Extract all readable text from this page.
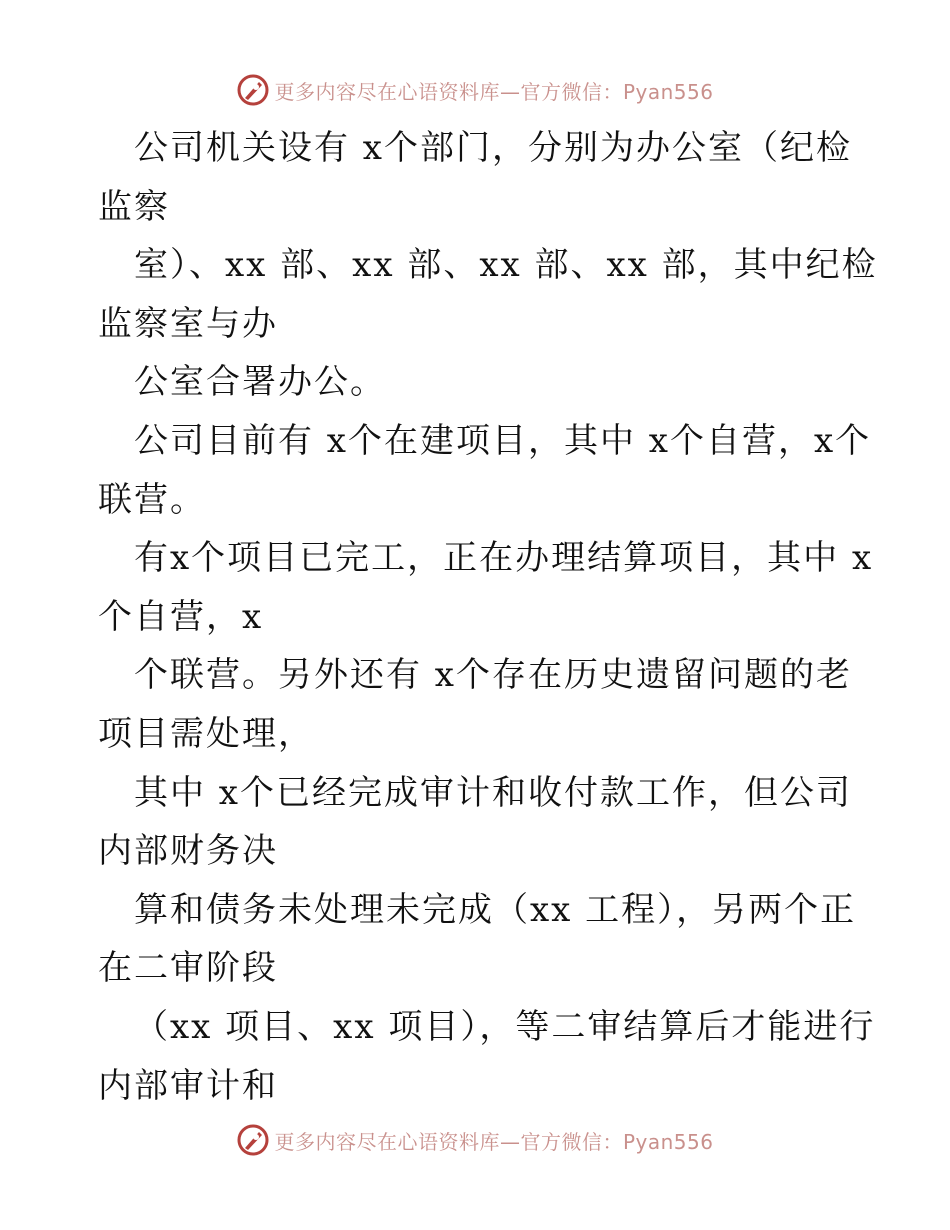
更多内容尽在心语资料库—官方微信：Pyan556
公司机关设有 x个部门，分别为办公室（纪检
监察
室）、xx 部、xx 部、xx 部、xx 部，其中纪检
监察室与办
公室合署办公。
公司目前有 x个在建项目，其中 x个自营，x个
联营。
有x个项目已完工，正在办理结算项目，其中 x
个自营，x
个联营。另外还有 x个存在历史遗留问题的老
项目需处理，
其中 x个已经完成审计和收付款工作，但公司
内部财务决
算和债务未处理未完成（xx 工程），另两个正
在二审阶段
（xx 项目、xx 项目），等二审结算后才能进行
内部审计和
更多内容尽在心语资料库—官方微信：Pyan556
